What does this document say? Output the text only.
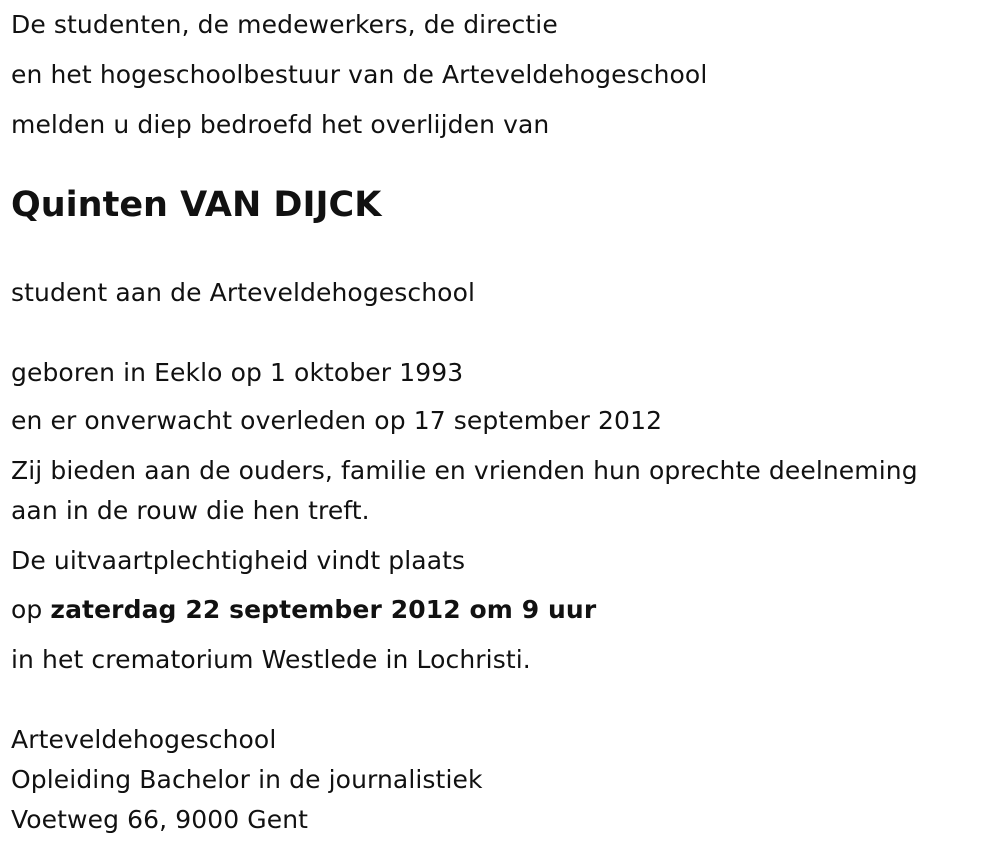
De studenten, de medewerkers, de directie
en het hogeschoolbestuur van de Arteveldehogeschool
melden u diep bedroefd het overlijden van
Quinten VAN DIJCK
student aan de Arteveldehogeschool
geboren in Eeklo op 1 oktober 1993
en er onverwacht overleden op 17 september 2012
Zij bieden aan de ouders, familie en vrienden hun oprechte deelneming
aan in de rouw die hen treft.
De uitvaartplechtigheid vindt plaats
op zaterdag 22 september 2012 om 9 uur
in het crematorium Westlede in Lochristi.
Arteveldehogeschool
Opleiding Bachelor in de journalistiek
Voetweg 66, 9000 Gent
